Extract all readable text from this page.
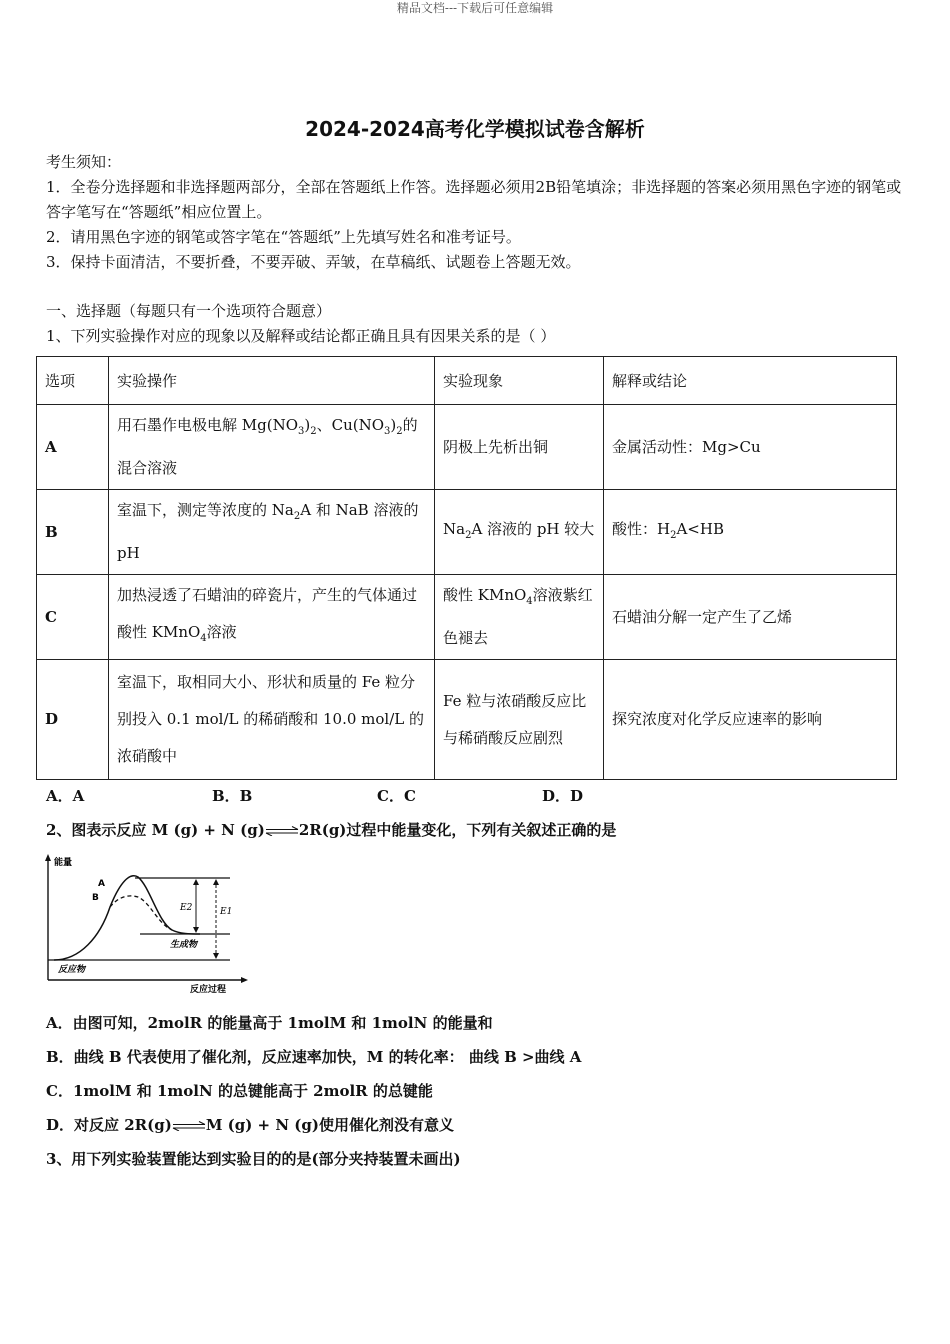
精品文档---下载后可任意编辑
2024-2024高考化学模拟试卷含解析
考生须知：
1．全卷分选择题和非选择题两部分，全部在答题纸上作答。选择题必须用2B铅笔填涂；非选择题的答案必须用黑色字迹的钢笔或答字笔写在“答题纸”相应位置上。
2．请用黑色字迹的钢笔或答字笔在“答题纸”上先填写姓名和准考证号。
3．保持卡面清洁，不要折叠，不要弄破、弄皱，在草稿纸、试题卷上答题无效。
一、选择题（每题只有一个选项符合题意）
1、下列实验操作对应的现象以及解释或结论都正确且具有因果关系的是（ ）
选项	实验操作	实验现象	解释或结论
A	用石墨作电极电解 $Mg(NO_3)_2$、$Cu(NO_3)_2$的混合溶液	阴极上先析出铜	金属活动性：Mg>Cu
B	室温下，测定等浓度的 $Na_2A$ 和 NaB 溶液的 pH	$Na_2A$ 溶液的 pH 较大	酸性：$H_2A<HB$
C	加热浸透了石蜡油的碎瓷片，产生的气体通过酸性 KMnO$_4$溶液	酸性 KMnO$_4$溶液紫红色褪去	石蜡油分解一定产生了乙烯
D	室温下，取相同大小、形状和质量的 Fe 粒分别投入 0.1 mol/L 的稀硝酸和 10.0 mol/L 的浓硝酸中	Fe 粒与浓硝酸反应比与稀硝酸反应剧烈	探究浓度对化学反应速率的影响
A．A	B．B	C．C	D．D
2、图表示反应 M (g) + N (g)⇌2R(g)过程中能量变化，下列有关叙述正确的是
能量
反应过程
A
B
E2	E1
生成物
反应物
A．由图可知，2molR 的能量高于 1molM 和 1molN 的能量和
B．曲线 B 代表使用了催化剂，反应速率加快，M 的转化率： 曲线 B >曲线 A
C．1molM 和 1molN 的总键能高于 2molR 的总键能
D．对反应 2R(g)⇌M (g) + N (g)使用催化剂没有意义
3、用下列实验装置能达到实验目的的是(部分夹持装置未画出)
